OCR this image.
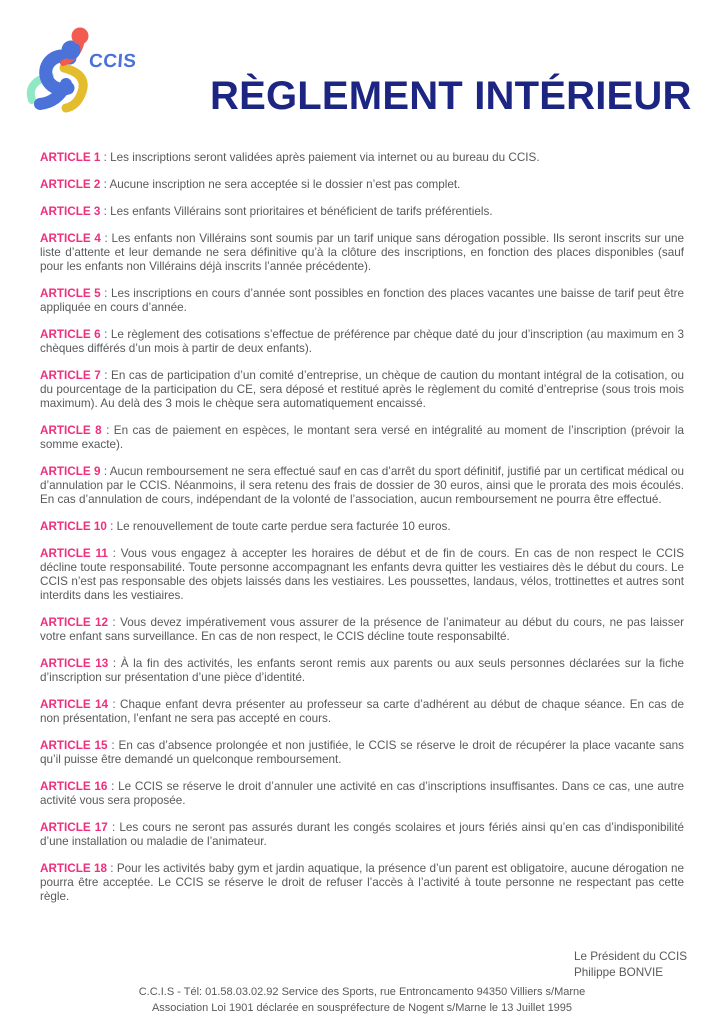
CCIS
RÈGLEMENT INTÉRIEUR

ARTICLE 1 : Les inscriptions seront validées après paiement via internet ou au bureau du CCIS.

ARTICLE 2 : Aucune inscription ne sera acceptée si le dossier n’est pas complet.

ARTICLE 3 : Les enfants Villérains sont prioritaires et bénéficient de tarifs préférentiels.

ARTICLE 4 : Les enfants non Villérains sont soumis par un tarif unique sans dérogation possible. Ils seront inscrits sur une liste d’attente et leur demande ne sera définitive qu’à la clôture des inscriptions, en fonction des places disponibles (sauf pour les enfants non Villérains déjà inscrits l’année précédente).

ARTICLE 5 : Les inscriptions en cours d’année sont possibles en fonction des places vacantes une baisse de tarif peut être appliquée en cours d’année.

ARTICLE 6 : Le règlement des cotisations s’effectue de préférence par chèque daté du jour d’inscription (au maximum en 3 chèques différés d’un mois à partir de deux enfants).

ARTICLE 7 : En cas de participation d’un comité d’entreprise, un chèque de caution du montant intégral de la cotisation, ou du pourcentage de la participation du CE, sera déposé et restitué après le règlement du comité d’entreprise (sous trois mois maximum). Au delà des 3 mois le chèque sera automatiquement encaissé.

ARTICLE 8 : En cas de paiement en espèces, le montant sera versé en intégralité au moment de l’inscription (prévoir la somme exacte).

ARTICLE 9 : Aucun remboursement ne sera effectué sauf en cas d’arrêt du sport définitif, justifié par un certificat médical ou d’annulation par le CCIS. Néanmoins, il sera retenu des frais de dossier de 30 euros, ainsi que le prorata des mois écoulés. En cas d’annulation de cours, indépendant de la volonté de l’association, aucun remboursement ne pourra être effectué.

ARTICLE 10 : Le renouvellement de toute carte perdue sera facturée 10 euros.

ARTICLE 11 : Vous vous engagez à accepter les horaires de début et de fin de cours. En cas de non respect le CCIS décline toute responsabilité. Toute personne accompagnant les enfants devra quitter les vestiaires dès le début du cours. Le CCIS n’est pas responsable des objets laissés dans les vestiaires. Les poussettes, landaus, vélos, trottinettes et autres sont interdits dans les vestiaires.

ARTICLE 12 : Vous devez impérativement vous assurer de la présence de l’animateur au début du cours, ne pas laisser votre enfant sans surveillance. En cas de non respect, le CCIS décline toute responsabilté.

ARTICLE 13 : À la fin des activités, les enfants seront remis aux parents ou aux seuls personnes déclarées sur la fiche d’inscription sur présentation d’une pièce d’identité.

ARTICLE 14 : Chaque enfant devra présenter au professeur sa carte d’adhérent au début de chaque séance. En cas de non présentation, l’enfant ne sera pas accepté en cours.

ARTICLE 15 : En cas d’absence prolongée et non justifiée, le CCIS se réserve le droit de récupérer la place vacante sans qu’il puisse être demandé un quelconque remboursement.

ARTICLE 16 : Le CCIS se réserve le droit d’annuler une activité en cas d’inscriptions insuffisantes. Dans ce cas, une autre activité vous sera proposée.

ARTICLE 17 : Les cours ne seront pas assurés durant les congés scolaires et jours fériés ainsi qu’en cas d’indisponibilité d’une installation ou maladie de l’animateur.

ARTICLE 18 : Pour les activités baby gym et jardin aquatique, la présence d’un parent est obligatoire, aucune dérogation ne pourra être acceptée. Le CCIS se réserve le droit de refuser l’accès à l’activité à toute personne ne respectant pas cette règle.

Le Président du CCIS
Philippe BONVIE
C.C.I.S - Tél: 01.58.03.02.92 Service des Sports, rue Entroncamento 94350 Villiers s/Marne
Association Loi 1901 déclarée en souspréfecture de Nogent s/Marne le 13 Juillet 1995
